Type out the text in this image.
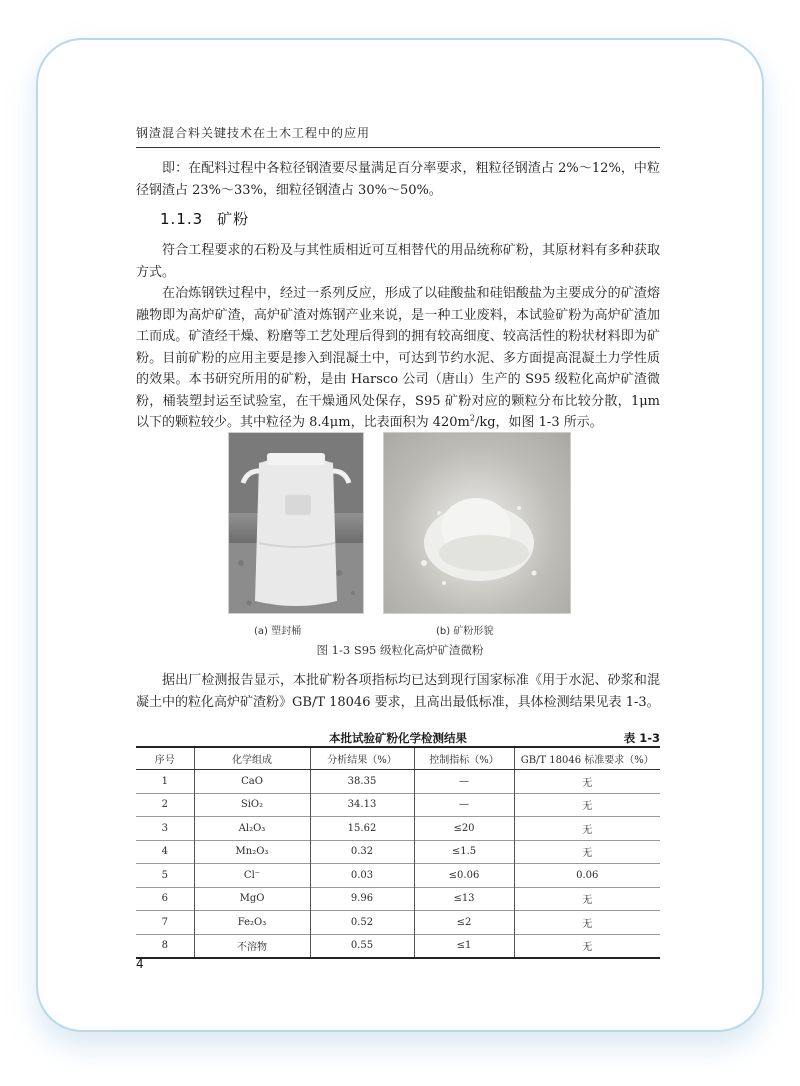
钢渣混合料关键技术在土木工程中的应用
即：在配料过程中各粒径钢渣要尽量满足百分率要求，粗粒径钢渣占 2%～12%，中粒径钢渣占 23%～33%，细粒径钢渣占 30%～50%。
1.1.3 矿粉
符合工程要求的石粉及与其性质相近可互相替代的用品统称矿粉，其原材料有多种获取方式。
在冶炼钢铁过程中，经过一系列反应，形成了以硅酸盐和硅铝酸盐为主要成分的矿渣熔融物即为高炉矿渣，高炉矿渣对炼钢产业来说，是一种工业废料，本试验矿粉为高炉矿渣加工而成。矿渣经干燥、粉磨等工艺处理后得到的拥有较高细度、较高活性的粉状材料即为矿粉。目前矿粉的应用主要是掺入到混凝土中，可达到节约水泥、多方面提高混凝土力学性质的效果。本书研究所用的矿粉，是由 Harsco 公司（唐山）生产的 S95 级粒化高炉矿渣微粉，桶装塑封运至试验室，在干燥通风处保存，S95 矿粉对应的颗粒分布比较分散，1μm 以下的颗粒较少。其中粒径为 8.4μm，比表面积为 $420m^2/kg$，如图 1-3 所示。
(a) 塑封桶	(b) 矿粉形貌
图 1-3 S95 级粒化高炉矿渣微粉
据出厂检测报告显示，本批矿粉各项指标均已达到现行国家标准《用于水泥、砂浆和混凝土中的粒化高炉矿渣粉》GB/T 18046 要求，且高出最低标准，具体检测结果见表 1-3。
本批试验矿粉化学检测结果	表 1-3
序号	化学组成	分析结果（%）	控制指标（%）	GB/T 18046 标准要求（%）
1	CaO	38.35	—	无
2	SiO₂	34.13	—	无
3	Al₂O₃	15.62	≤20	无
4	Mn₂O₃	0.32	≤1.5	无
5	Cl⁻	0.03	≤0.06	0.06
6	MgO	9.96	≤13	无
7	Fe₂O₃	0.52	≤2	无
8	不溶物	0.55	≤1	无
4
